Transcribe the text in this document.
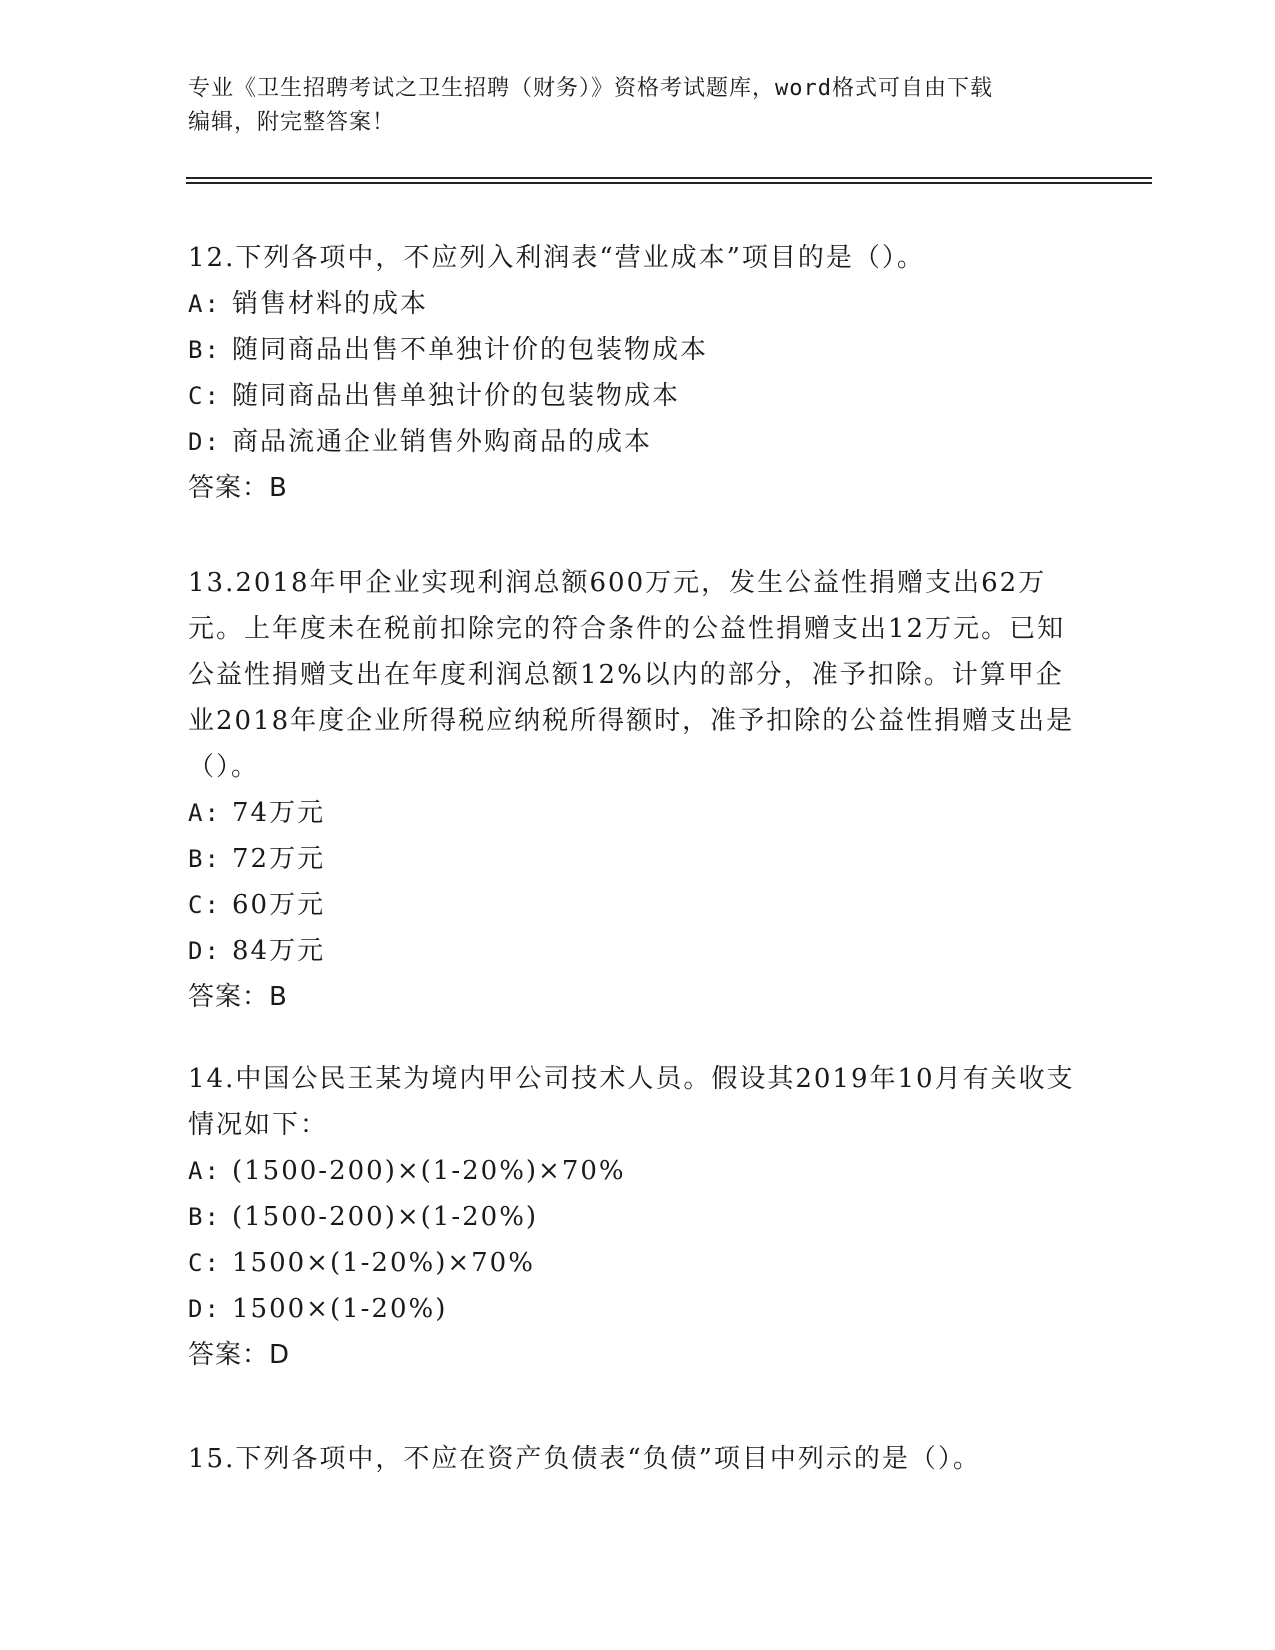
专业《卫生招聘考试之卫生招聘（财务）》资格考试题库，word格式可自由下载
编辑，附完整答案！
12.下列各项中，不应列入利润表“营业成本”项目的是（）。
A: 销售材料的成本
B: 随同商品出售不单独计价的包装物成本
C: 随同商品出售单独计价的包装物成本
D: 商品流通企业销售外购商品的成本
答案：B
13.2018年甲企业实现利润总额600万元，发生公益性捐赠支出62万元。上年度未在税前扣除完的符合条件的公益性捐赠支出12万元。已知公益性捐赠支出在年度利润总额12%以内的部分，准予扣除。计算甲企业2018年度企业所得税应纳税所得额时，准予扣除的公益性捐赠支出是（）。
A: 74万元
B: 72万元
C: 60万元
D: 84万元
答案：B
14.中国公民王某为境内甲公司技术人员。假设其2019年10月有关收支情况如下：
A: (1500-200)×(1-20%)×70%
B: (1500-200)×(1-20%)
C: 1500×(1-20%)×70%
D: 1500×(1-20%)
答案：D
15.下列各项中，不应在资产负债表“负债”项目中列示的是（）。
